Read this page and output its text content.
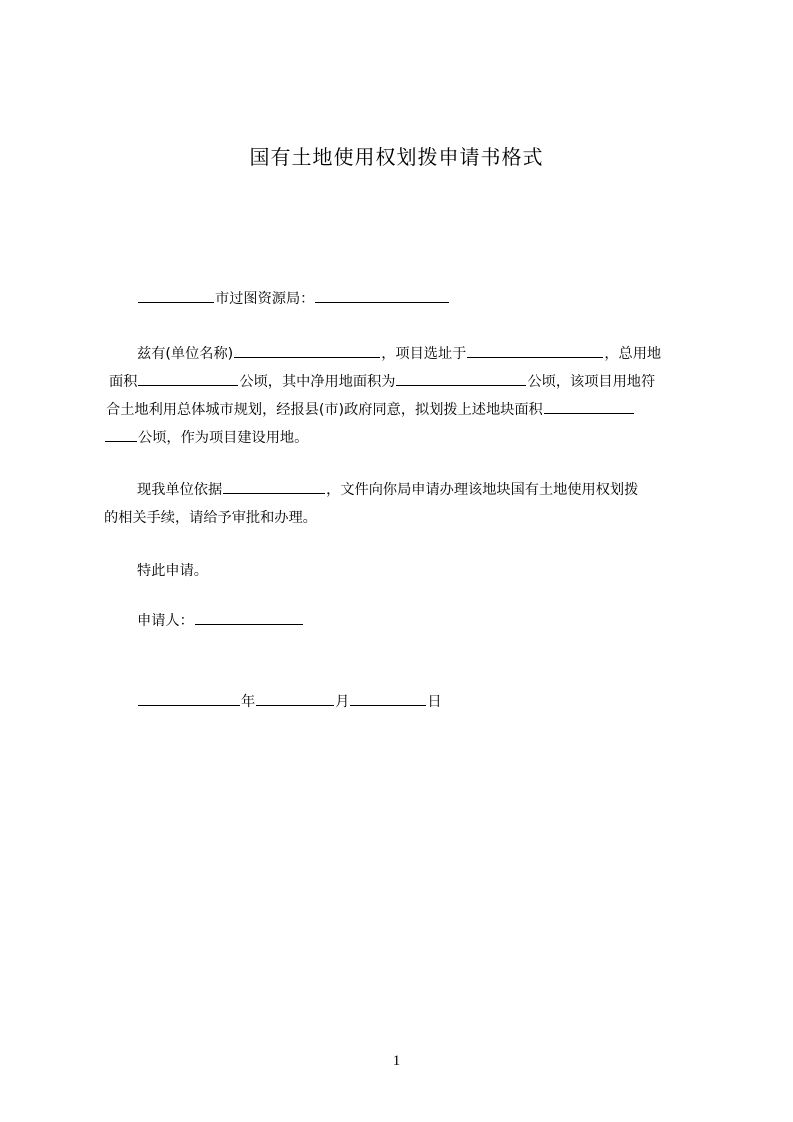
国有土地使用权划拨申请书格式
市过图资源局：
兹有(单位名称)	，项目选址于	，总用地
面积	公顷，其中净用地面积为	公顷，该项目用地符
合土地利用总体城市规划，经报县(市)政府同意，拟划拨上述地块面积
公顷，作为项目建设用地。
现我单位依据	，文件向你局申请办理该地块国有土地使用权划拨
的相关手续，请给予审批和办理。
特此申请。
申请人：
年	月	日
1
